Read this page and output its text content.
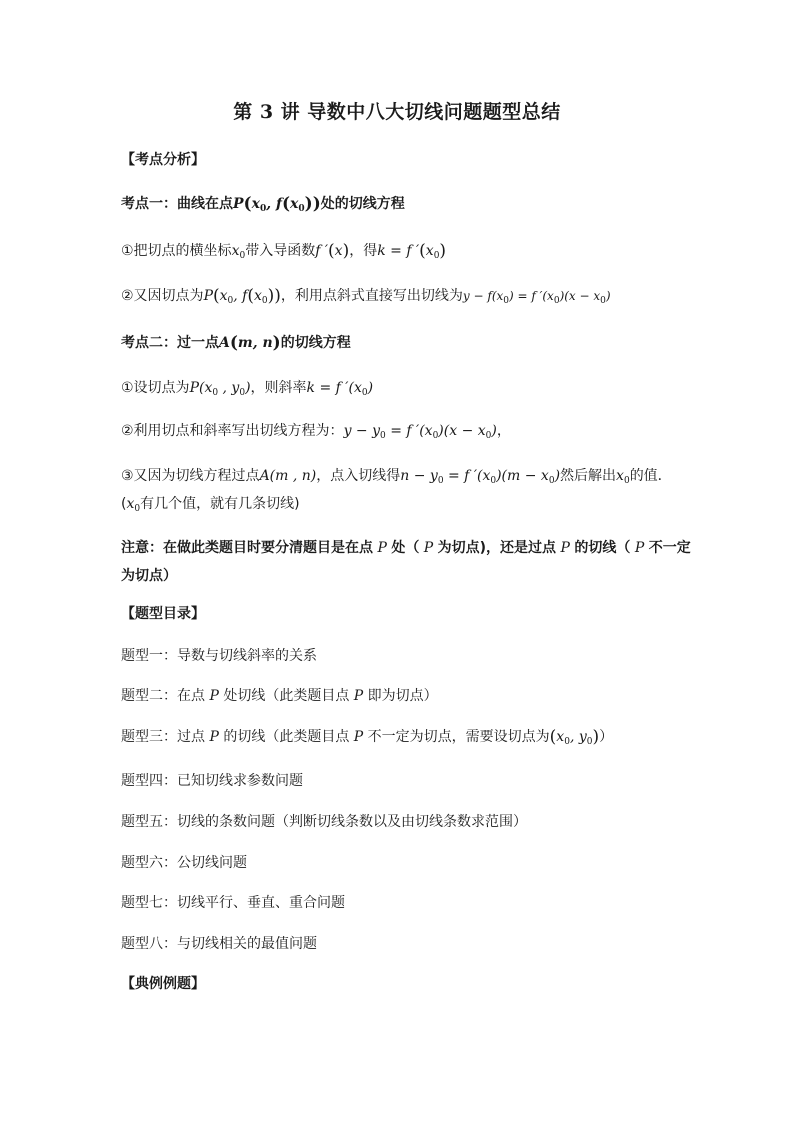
第 3 讲 导数中八大切线问题题型总结
【考点分析】
考点一：曲线在点$P(x_0$, $f(x_0)$)处的切线方程
①把切点的横坐标$x_0$带入导函数f ′(x)，得k = f $'(x_0)$
②又因切点为$P(x_0$, $f(x_0)$)，利用点斜式直接写出切线为$y - f(x_0) = f$ $'(x_0)(x - x_0)$
考点二：过一点A(m, n)的切线方程
①设切点为$P(x_0$ , $y_0$)，则斜率k = f $'(x_0)$
②利用切点和斜率写出切线方程为：$y - y_0 = f$ $'(x_0)(x - x_0)$，
③又因为切线方程过点A(m , n)，点入切线得$n - y_0 = f$ $'(x_0)(m - x_0)$然后解出$x_0$的值．($x_0$有几个值，就有几条切线)
注意：在做此类题目时要分清题目是在点 P 处（ P 为切点)，还是过点 P 的切线（ P 不一定为切点）
【题型目录】
题型一：导数与切线斜率的关系
题型二：在点 P 处切线（此类题目点 P 即为切点）
题型三：过点 P 的切线（此类题目点 P 不一定为切点，需要设切点为($x_0$, $y_0$)）
题型四：已知切线求参数问题
题型五：切线的条数问题（判断切线条数以及由切线条数求范围）
题型六：公切线问题
题型七：切线平行、垂直、重合问题
题型八：与切线相关的最值问题
【典例例题】
